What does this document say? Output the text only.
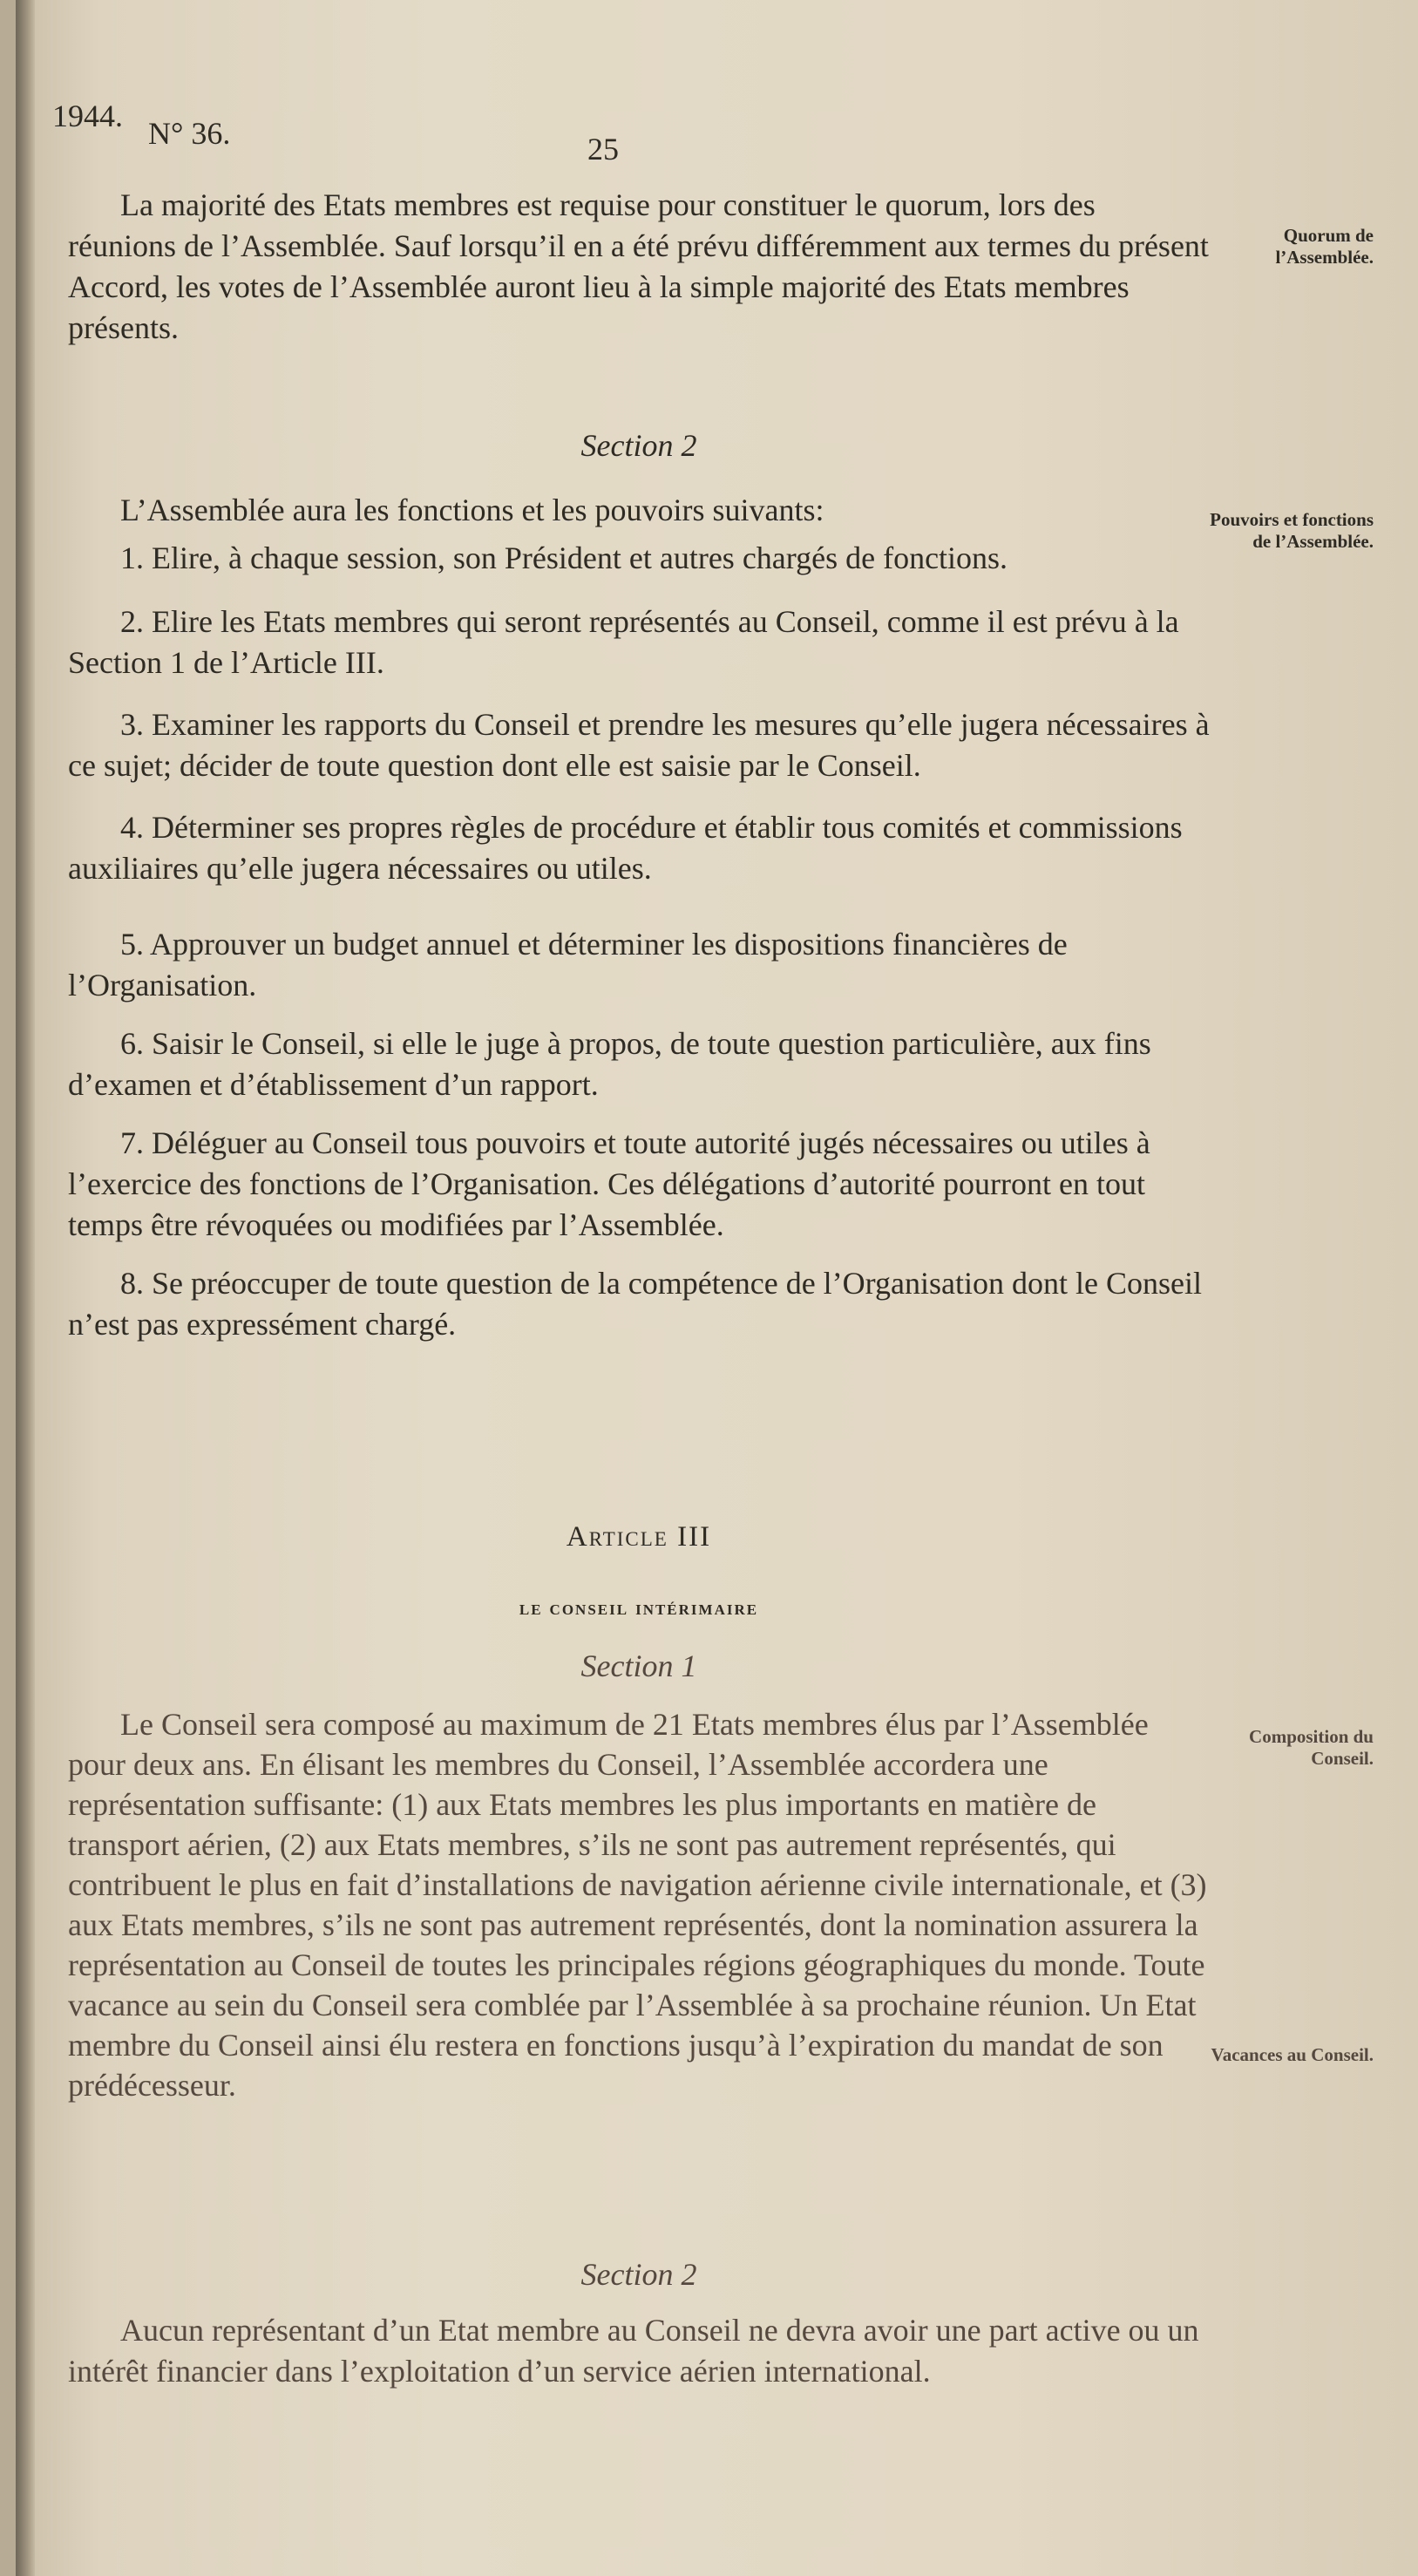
1944. N° 36.	25

La majorité des Etats membres est requise pour constituer le quorum, lors des réunions de l’Assemblée. Sauf lorsqu’il en a été prévu différemment aux termes du présent Accord, les votes de l’Assemblée auront lieu à la simple majorité des Etats membres présents.

Section 2

L’Assemblée aura les fonctions et les pouvoirs suivants:

1. Elire, à chaque session, son Président et autres chargés de fonctions.

2. Elire les Etats membres qui seront représentés au Conseil, comme il est prévu à la Section 1 de l’Article III.

3. Examiner les rapports du Conseil et prendre les mesures qu’elle jugera nécessaires à ce sujet; décider de toute question dont elle est saisie par le Conseil.

4. Déterminer ses propres règles de procédure et établir tous comités et commissions auxiliaires qu’elle jugera nécessaires ou utiles.

5. Approuver un budget annuel et déterminer les dispositions financières de l’Organisation.

6. Saisir le Conseil, si elle le juge à propos, de toute question particulière, aux fins d’examen et d’établissement d’un rapport.

7. Déléguer au Conseil tous pouvoirs et toute autorité jugés nécessaires ou utiles à l’exercice des fonctions de l’Organisation. Ces délégations d’autorité pourront en tout temps être révoquées ou modifiées par l’Assemblée.

8. Se préoccuper de toute question de la compétence de l’Organisation dont le Conseil n’est pas expressément chargé.

Article III
le conseil intérimaire
Section 1

Le Conseil sera composé au maximum de 21 Etats membres élus par l’Assemblée pour deux ans. En élisant les membres du Conseil, l’Assemblée accordera une représentation suffisante: (1) aux Etats membres les plus importants en matière de transport aérien, (2) aux Etats membres, s’ils ne sont pas autrement représentés, qui contribuent le plus en fait d’installations de navigation aérienne civile internationale, et (3) aux Etats membres, s’ils ne sont pas autrement représentés, dont la nomination assurera la représentation au Conseil de toutes les principales régions géographiques du monde. Toute vacance au sein du Conseil sera comblée par l’Assemblée à sa prochaine réunion. Un Etat membre du Conseil ainsi élu restera en fonctions jusqu’à l’expiration du mandat de son prédécesseur.

Section 2

Aucun représentant d’un Etat membre au Conseil ne devra avoir une part active ou un intérêt financier dans l’exploitation d’un service aérien international.

Quorum de l’Assemblée.
Pouvoirs et fonctions de l’Assemblée.
Composition du Conseil.
Vacances au Conseil.
